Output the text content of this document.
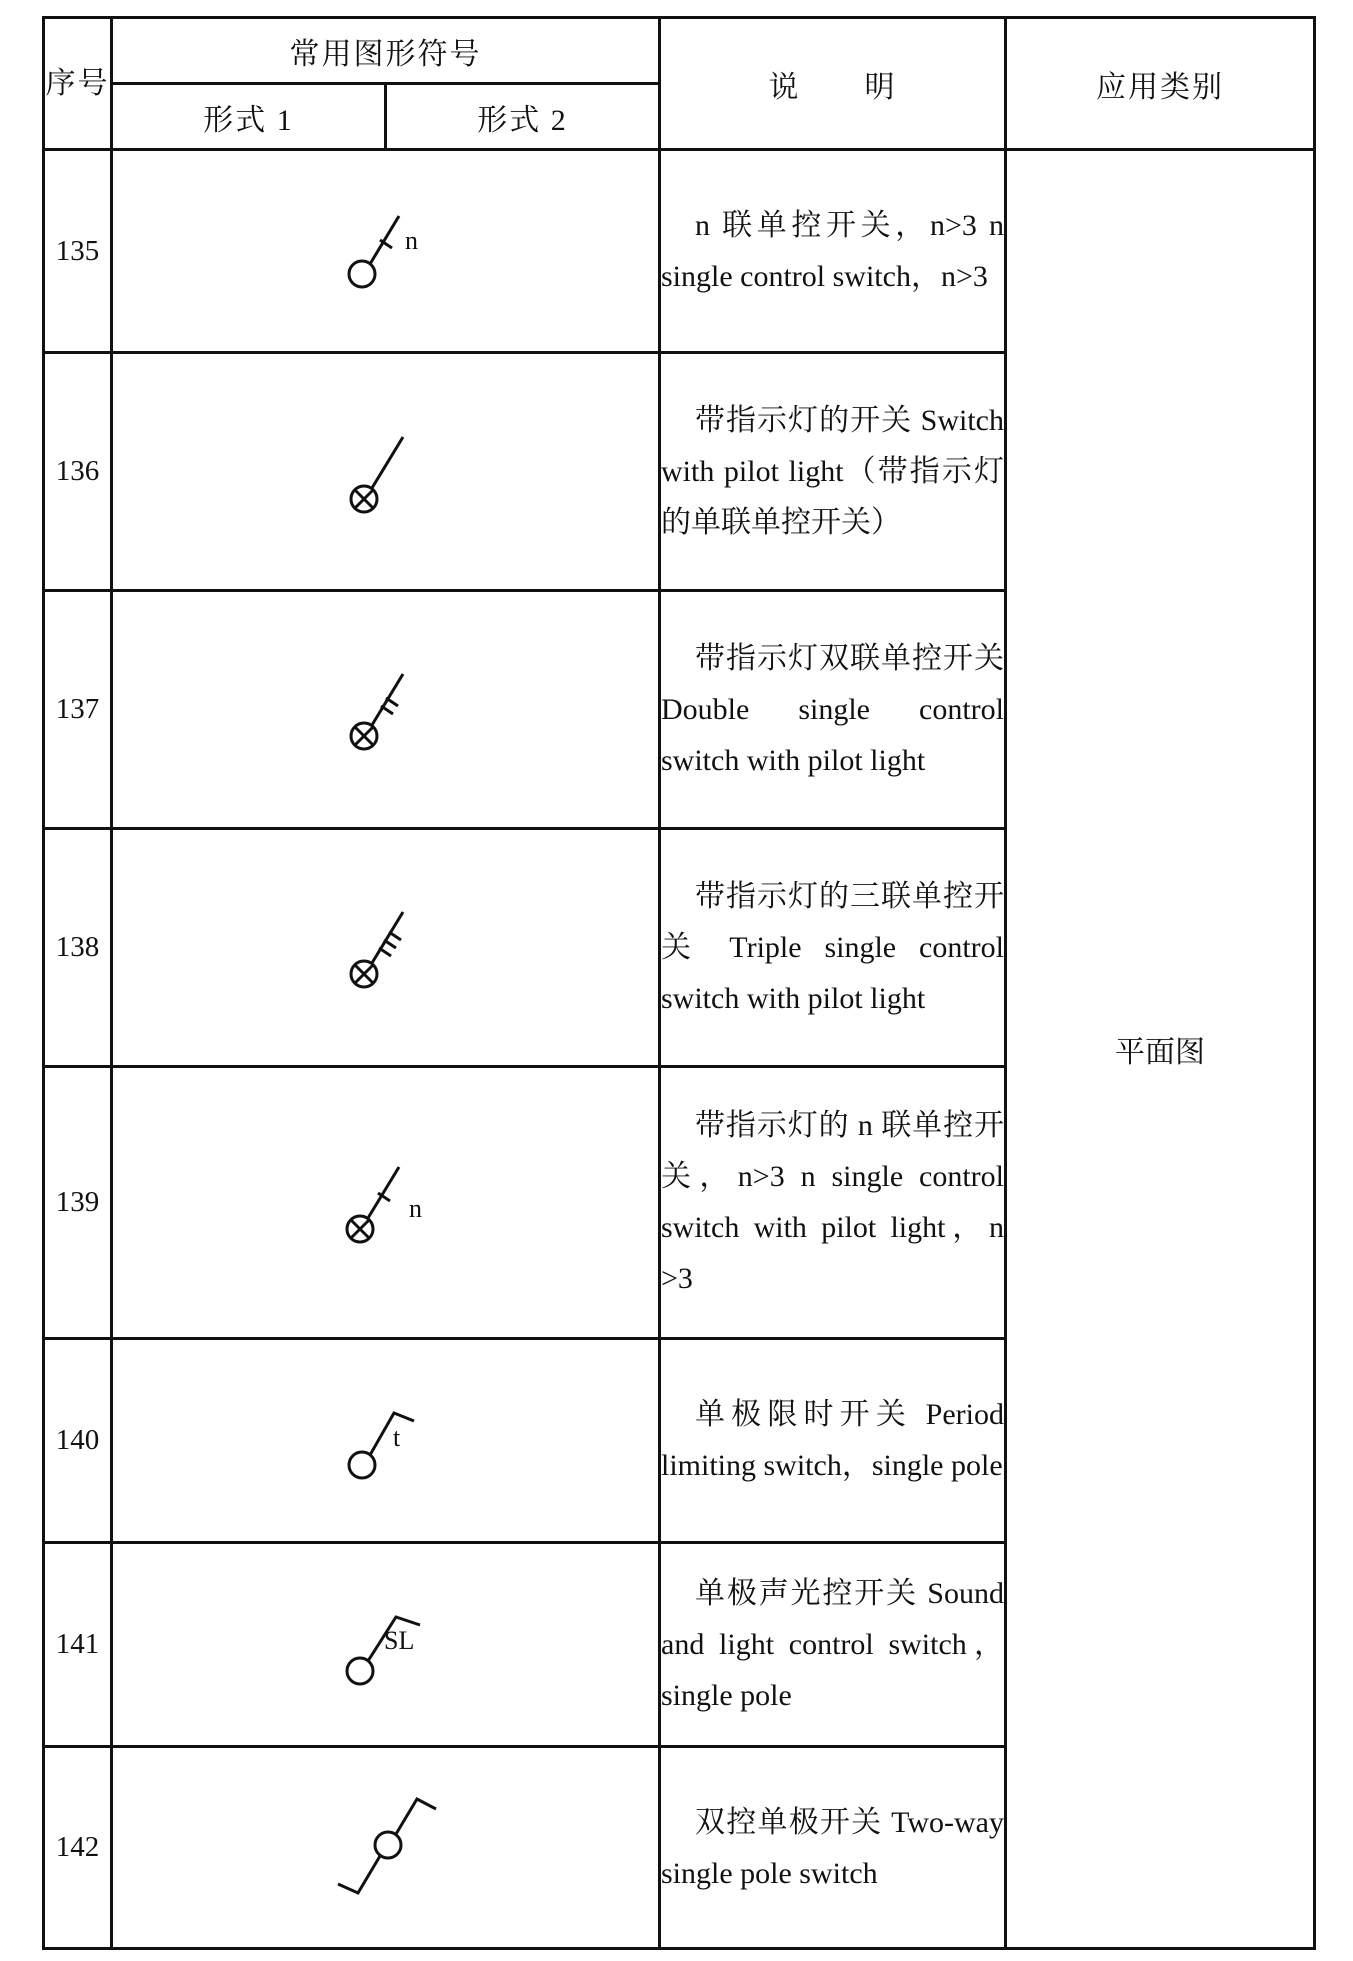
序号	常用图形符号		说　　明	应用类别
	形式 1	形式 2		
135	n		n 联单控开关，n>3 n single control switch，n>3	平面图
136			带指示灯的开关 Switch with pilot light（带指示灯的单联单控开关）	

137			带指示灯双联单控开关 Double single control switch with pilot light	

138			带指示灯的三联单控开关 Triple single control switch with pilot light	

139	n		带指示灯的 n 联单控开关，n>3 n single control switch with pilot light，n >3	

140	t		单极限时开关 Period limiting switch，single pole	

141	SL		单极声光控开关 Sound and light control switch，single pole	

142			双控单极开关 Two-way single pole switch	
